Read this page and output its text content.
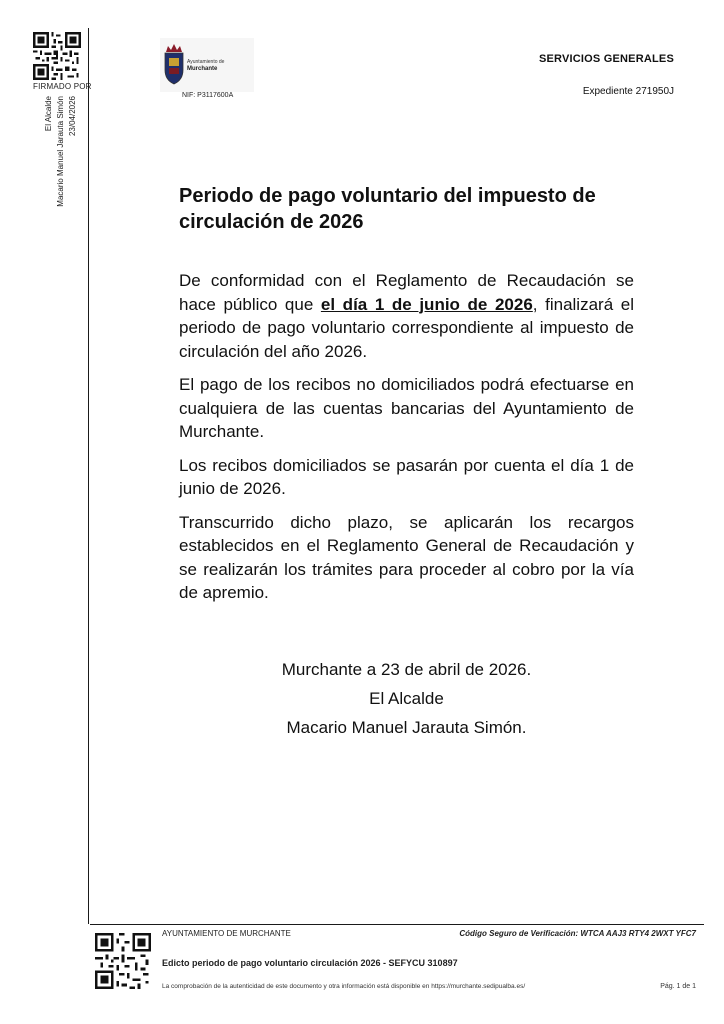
FIRMADO POR
El Alcalde Macario Manuel Jarauta Simón 23/04/2026
Ayuntamiento de
Murchante
NIF: P3117600A
SERVICIOS GENERALES
Expediente 271950J
Periodo de pago voluntario del impuesto de circulación de 2026

De conformidad con el Reglamento de Recaudación se hace público que el día 1 de junio de 2026, finalizará el periodo de pago voluntario correspondiente al impuesto de circulación del año 2026.

El pago de los recibos no domiciliados podrá efectuarse en cualquiera de las cuentas bancarias del Ayuntamiento de Murchante.

Los recibos domiciliados se pasarán por cuenta el día 1 de junio de 2026.

Transcurrido dicho plazo, se aplicarán los recargos establecidos en el Reglamento General de Recaudación y se realizarán los trámites para proceder al cobro por la vía de apremio.

Murchante a 23 de abril de 2026.
El Alcalde
Macario Manuel Jarauta Simón.
AYUNTAMIENTO DE MURCHANTE	Código Seguro de Verificación: WTCA AAJ3 RTY4 2WXT YFC7
Edicto periodo de pago voluntario circulación 2026 - SEFYCU 310897
La comprobación de la autenticidad de este documento y otra información está disponible en https://murchante.sedipualba.es/	Pág. 1 de 1
